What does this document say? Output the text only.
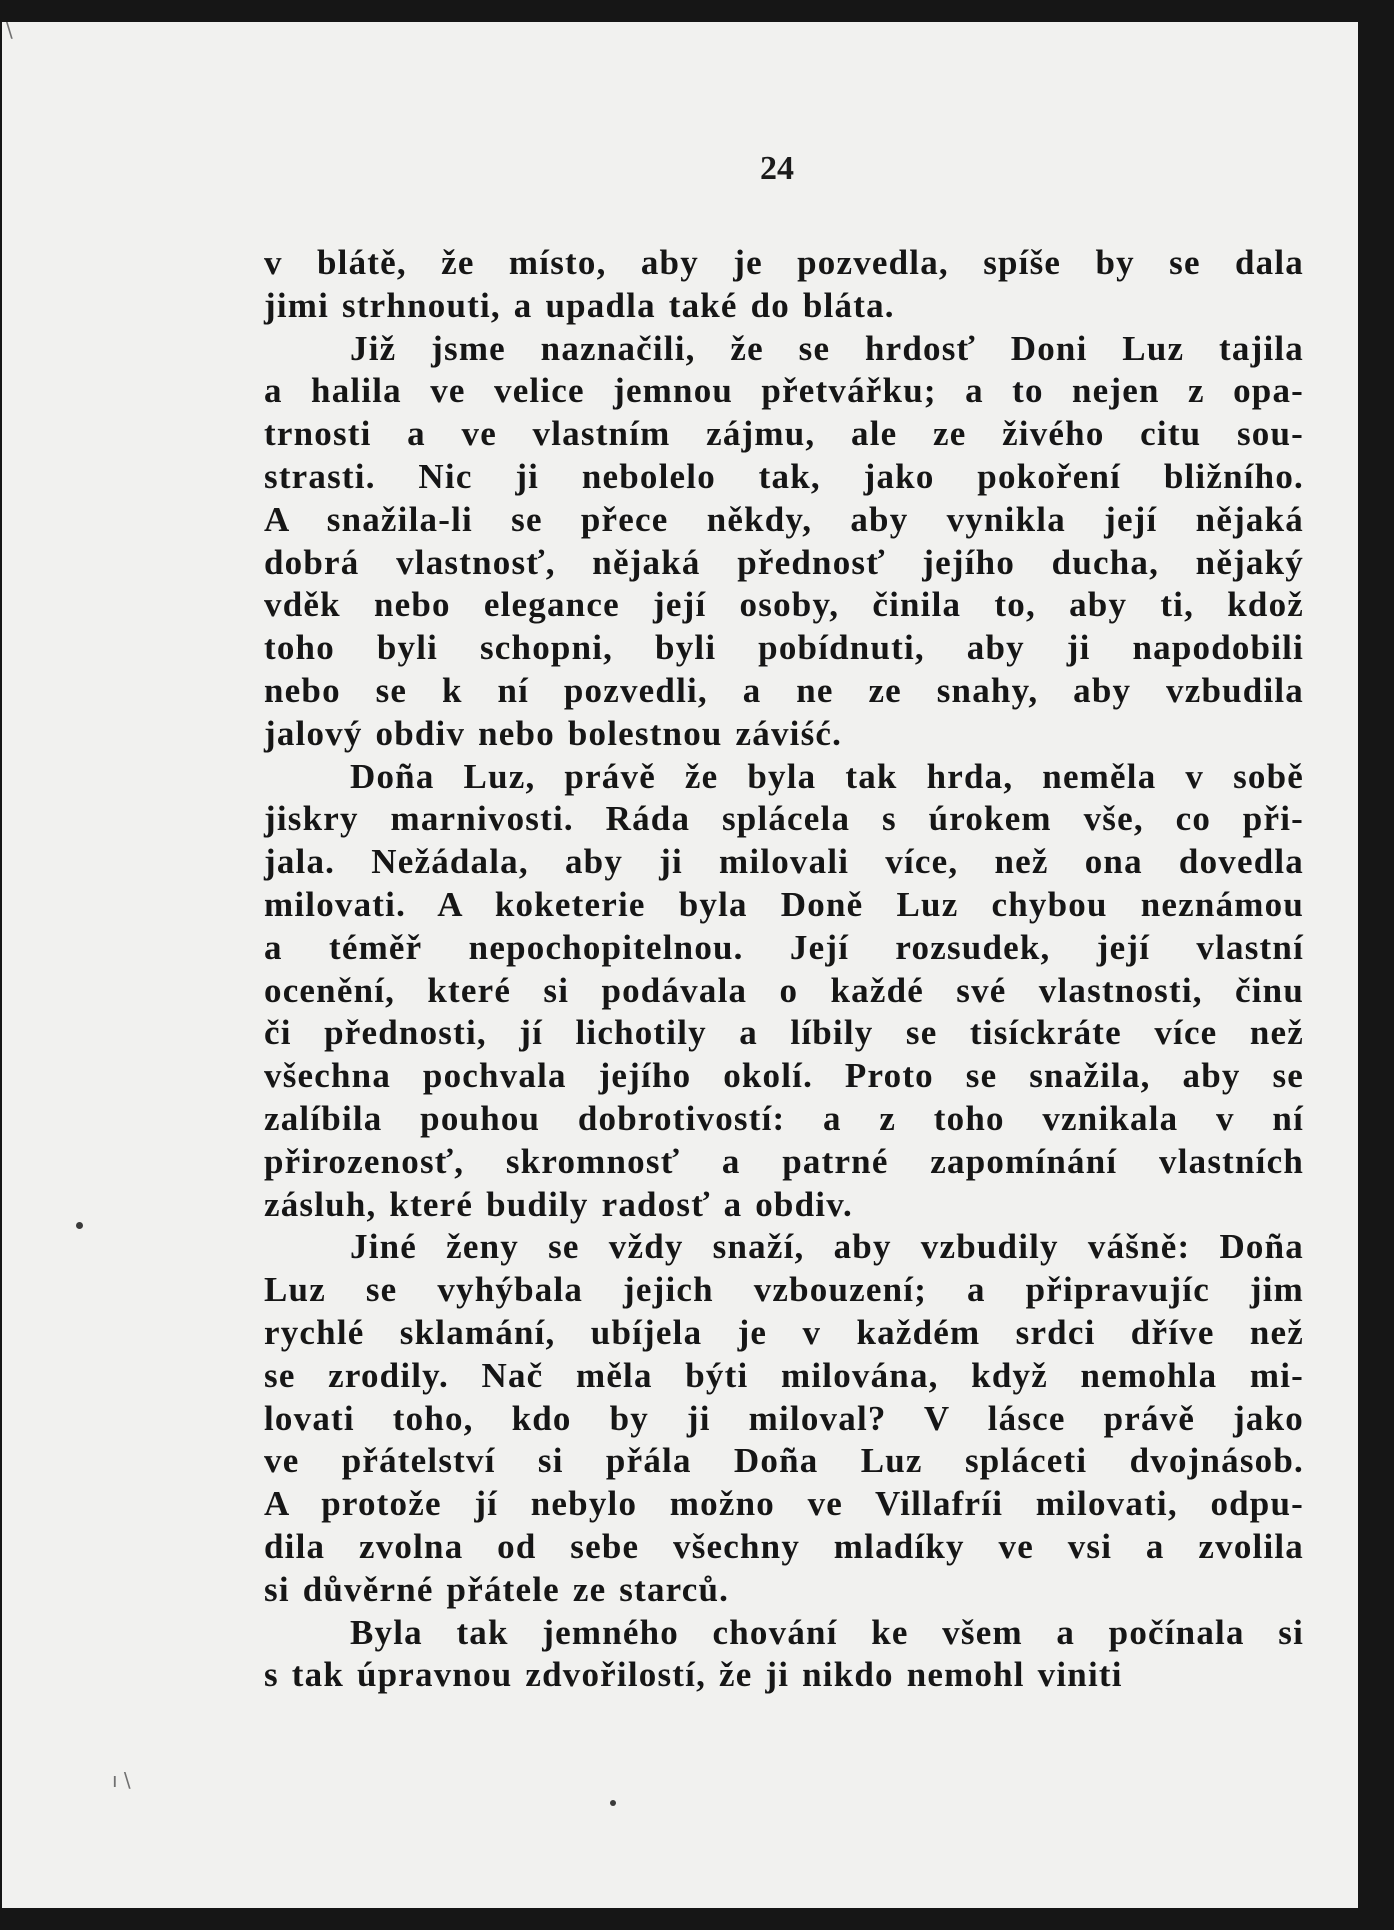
\
ı \
24
v blátě, že místo, aby je pozvedla, spíše by se dala
jimi strhnouti, a upadla také do bláta.
Již jsme naznačili, že se hrdosť Doni Luz tajila
a halila ve velice jemnou přetvářku; a to nejen z opa-
trnosti a ve vlastním zájmu, ale ze živého citu sou-
strasti. Nic ji nebolelo tak, jako pokoření bližního.
A snažila-li se přece někdy, aby vynikla její nějaká
dobrá vlastnosť, nějaká přednosť jejího ducha, nějaký
vděk nebo elegance její osoby, činila to, aby ti, kdož
toho byli schopni, byli pobídnuti, aby ji napodobili
nebo se k ní pozvedli, a ne ze snahy, aby vzbudila
jalový obdiv nebo bolestnou záviść.
Doña Luz, právě že byla tak hrda, neměla v sobě
jiskry marnivosti. Ráda splácela s úrokem vše, co při-
jala. Nežádala, aby ji milovali více, než ona dovedla
milovati. A koketerie byla Doně Luz chybou neznámou
a téměř nepochopitelnou. Její rozsudek, její vlastní
ocenění, které si podávala o každé své vlastnosti, činu
či přednosti, jí lichotily a líbily se tisíckráte více než
všechna pochvala jejího okolí. Proto se snažila, aby se
zalíbila pouhou dobrotivostí: a z toho vznikala v ní
přirozenosť, skromnosť a patrné zapomínání vlastních
zásluh, které budily radosť a obdiv.
Jiné ženy se vždy snaží, aby vzbudily vášně: Doña
Luz se vyhýbala jejich vzbouzení; a připravujíc jim
rychlé sklamání, ubíjela je v každém srdci dříve než
se zrodily. Nač měla býti milována, když nemohla mi-
lovati toho, kdo by ji miloval? V lásce právě jako
ve přátelství si přála Doña Luz spláceti dvojnásob.
A protože jí nebylo možno ve Villafríi milovati, odpu-
dila zvolna od sebe všechny mladíky ve vsi a zvolila
si důvěrné přátele ze starců.
Byla tak jemného chování ke všem a počínala si
s tak úpravnou zdvořilostí, že ji nikdo nemohl viniti
